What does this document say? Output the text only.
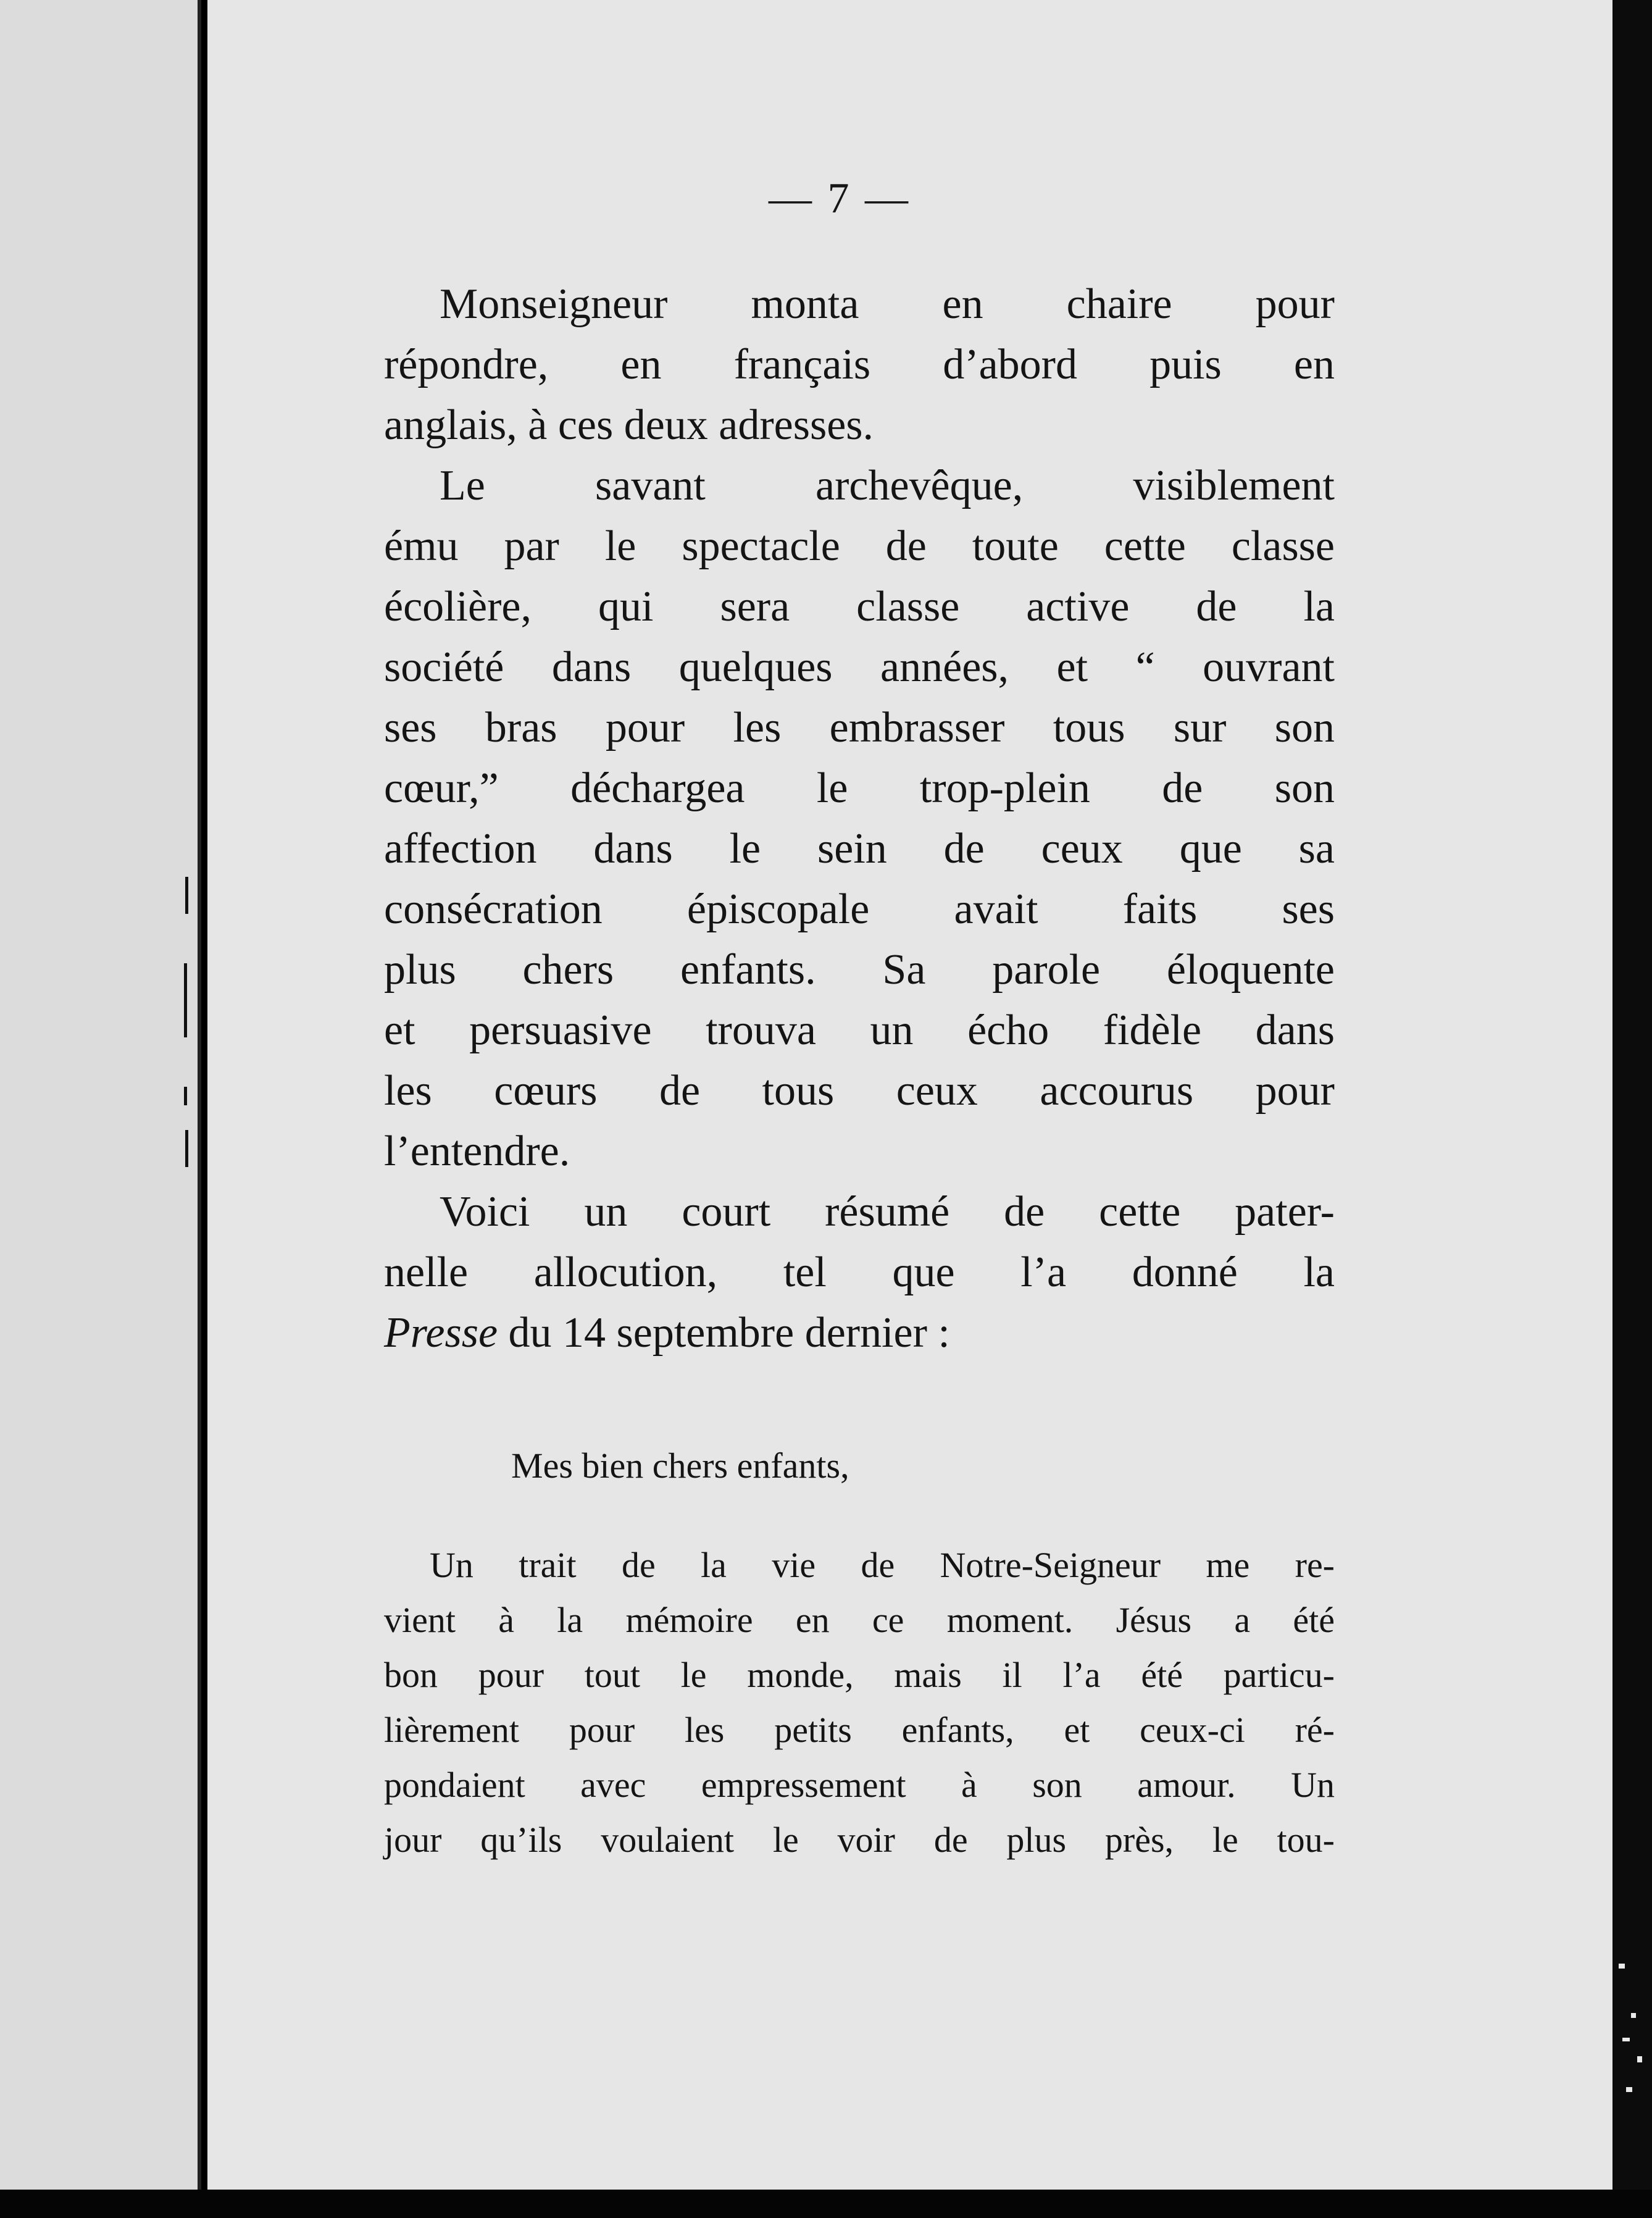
— 7 —
Monseigneur monta en chaire pour
répondre, en français d’abord puis en
anglais, à ces deux adresses.
Le savant archevêque, visiblement
ému par le spectacle de toute cette classe
écolière, qui sera classe active de la
société dans quelques années, et “ ouvrant
ses bras pour les embrasser tous sur son
cœur,” déchargea le trop-plein de son
affection dans le sein de ceux que sa
consécration épiscopale avait faits ses
plus chers enfants. Sa parole éloquente
et persuasive trouva un écho fidèle dans
les cœurs de tous ceux accourus pour
l’entendre.
Voici un court résumé de cette pater-
nelle allocution, tel que l’a donné la
Presse du 14 septembre dernier :
Mes bien chers enfants,
Un trait de la vie de Notre-Seigneur me re-
vient à la mémoire en ce moment. Jésus a été
bon pour tout le monde, mais il l’a été particu-
lièrement pour les petits enfants, et ceux-ci ré-
pondaient avec empressement à son amour. Un
jour qu’ils voulaient le voir de plus près, le tou-
